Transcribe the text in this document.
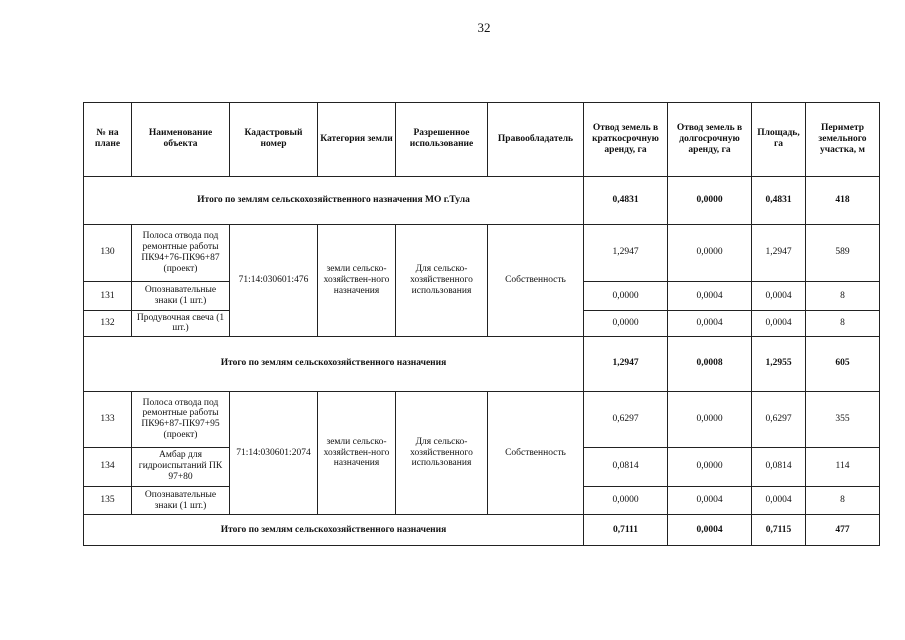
32
№ на плане	Наименование объекта	Кадастровый номер	Категория земли	Разрешенное использование	Правообладатель	Отвод земель в краткосрочную аренду, га	Отвод земель в долгосрочную аренду, га	Площадь, га	Периметр земельного участка, м
Итого по землям сельскохозяйственного назначения МО г.Тула						0,4831	0,0000	0,4831	418
130	Полоса отвода под ремонтные работы ПК94+76-ПК96+87 (проект)	71:14:030601:476	земли сельско-хозяйствен-ного назначения	Для сельско-хозяйственного использования	Собственность	1,2947	0,0000	1,2947	589
131	Опознавательные знаки (1 шт.)					0,0000	0,0004	0,0004	8
132	Продувочная свеча (1 шт.)					0,0000	0,0004	0,0004	8
Итого по землям сельскохозяйственного назначения						1,2947	0,0008	1,2955	605
133	Полоса отвода под ремонтные работы ПК96+87-ПК97+95 (проект)	71:14:030601:2074	земли сельско-хозяйствен-ного назначения	Для сельско-хозяйственного использования	Собственность	0,6297	0,0000	0,6297	355
134	Амбар для гидроиспытаний ПК 97+80					0,0814	0,0000	0,0814	114
135	Опознавательные знаки (1 шт.)					0,0000	0,0004	0,0004	8
Итого по землям сельскохозяйственного назначения						0,7111	0,0004	0,7115	477
